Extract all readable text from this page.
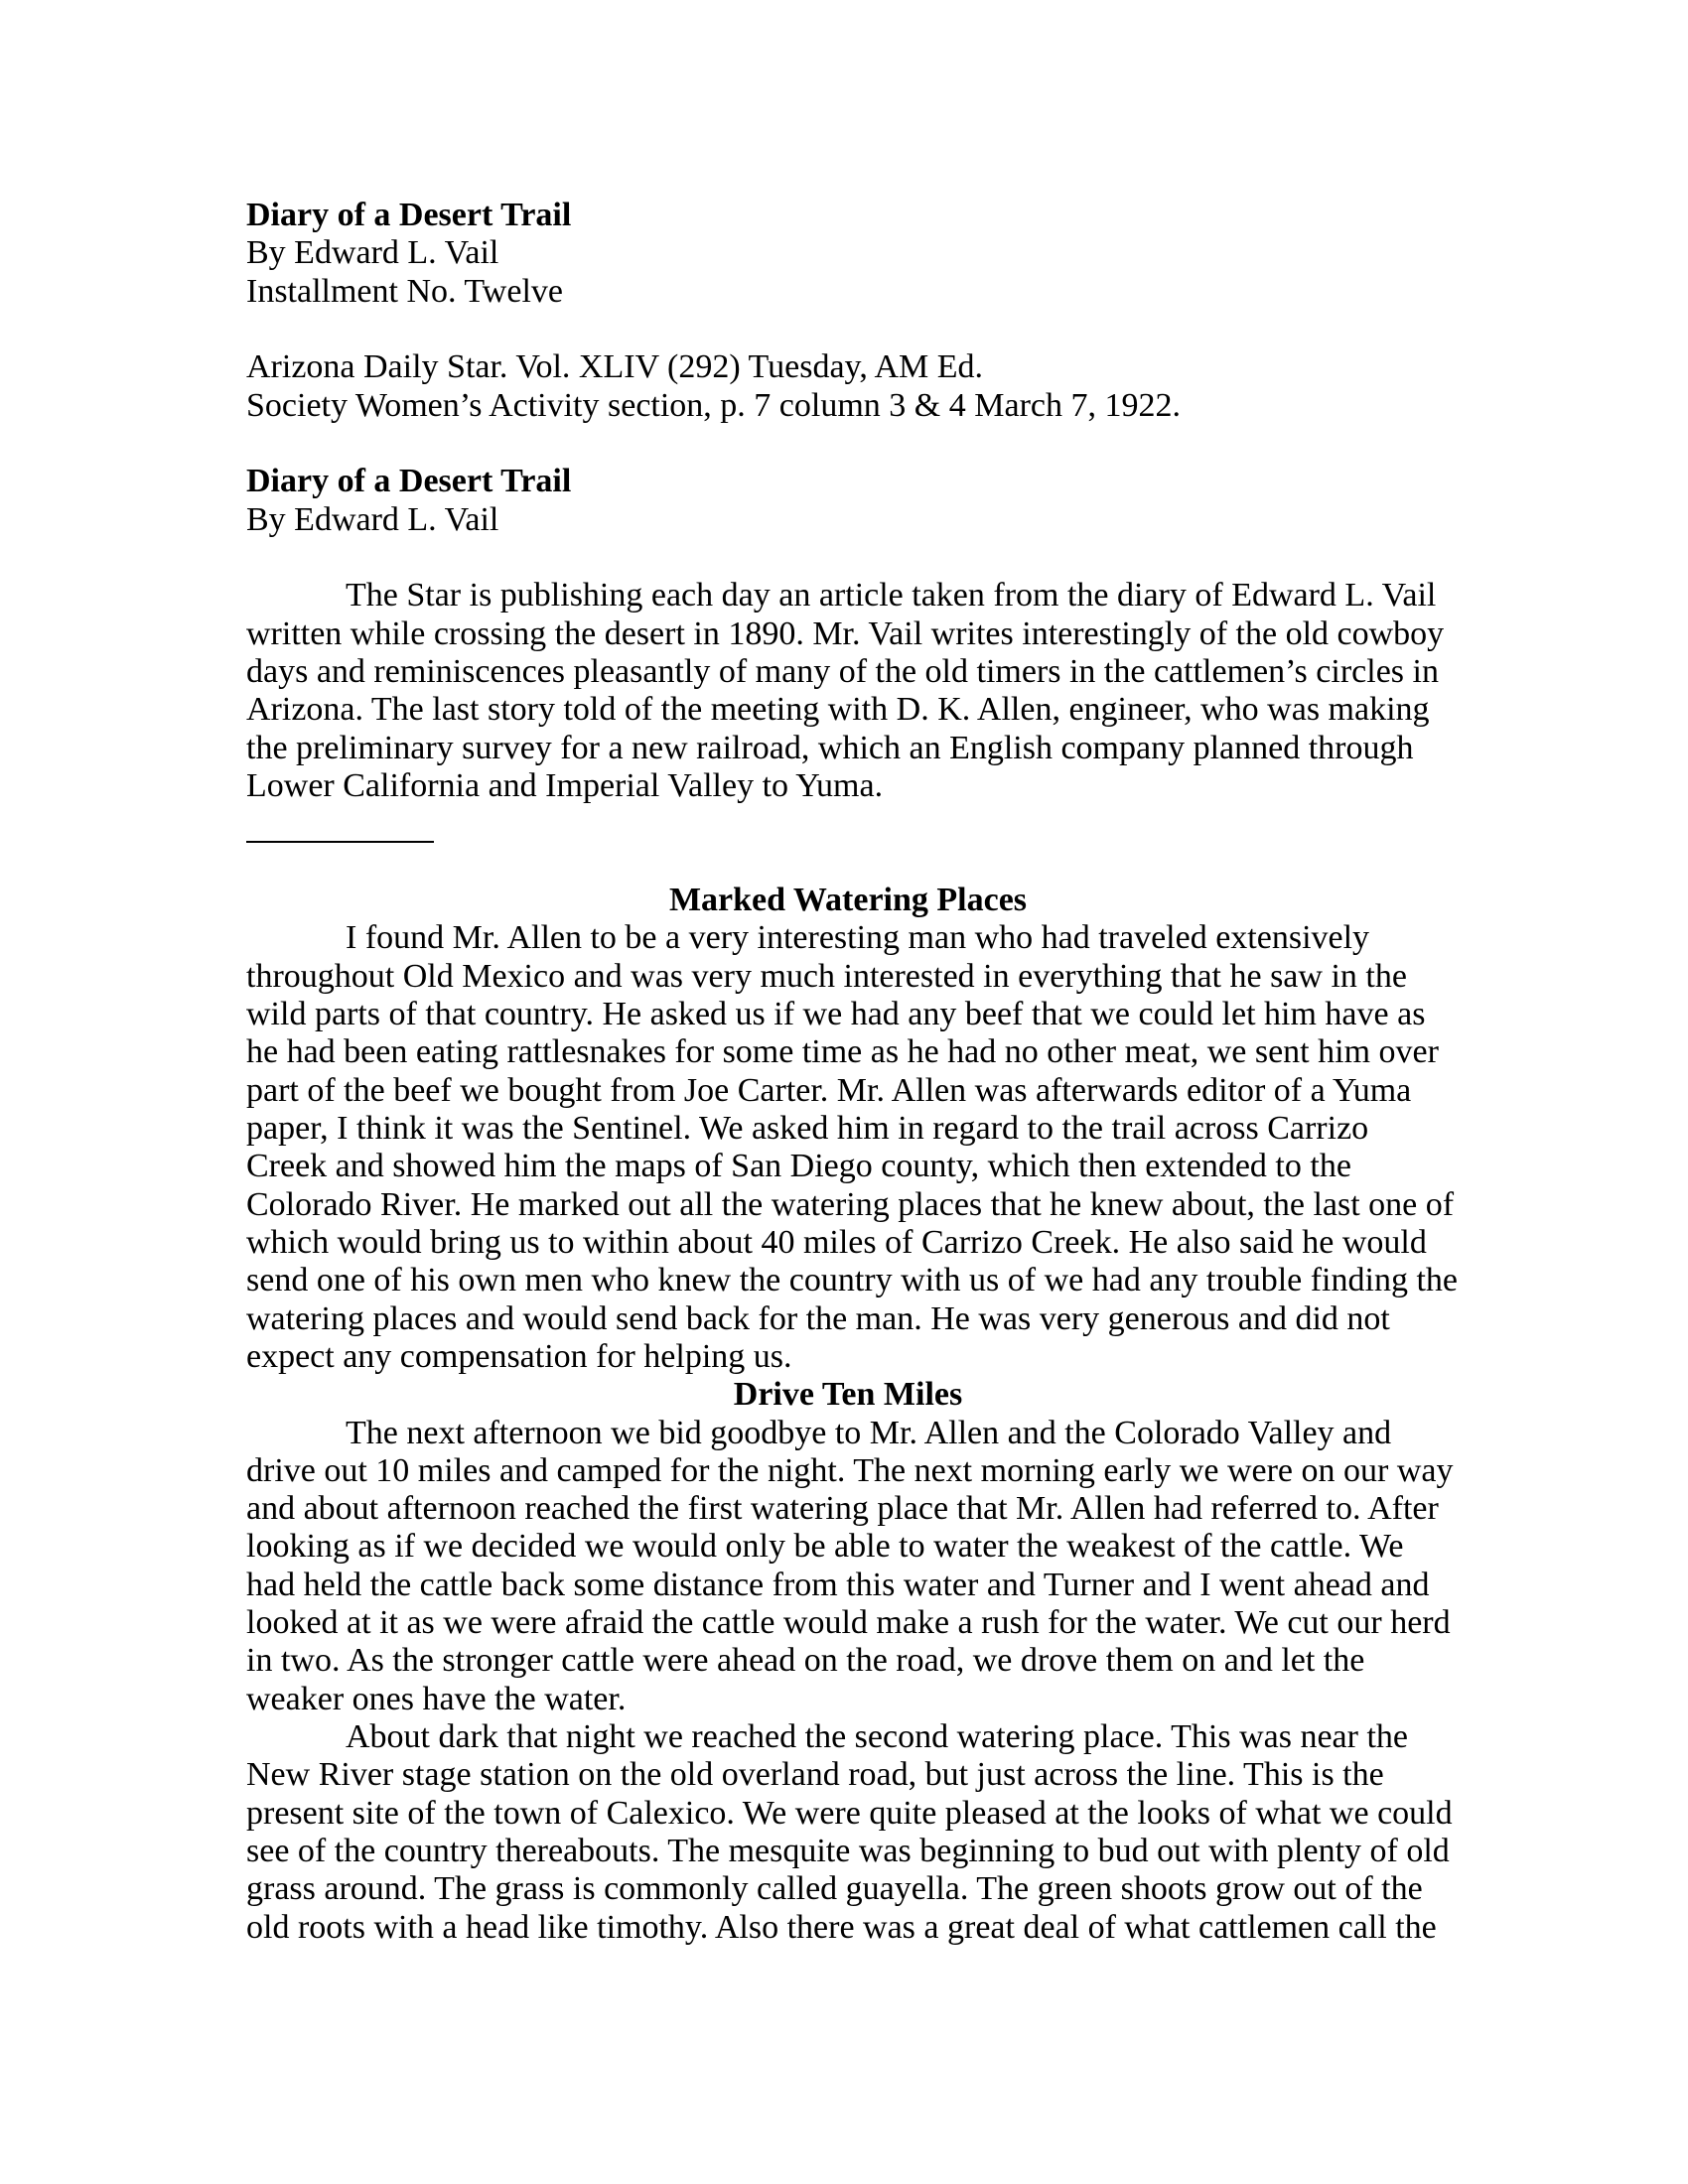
Diary of a Desert Trail
By Edward L. Vail
Installment No. Twelve
Arizona Daily Star. Vol. XLIV (292) Tuesday, AM Ed.
Society Women’s Activity section, p. 7 column 3 & 4 March 7, 1922.
Diary of a Desert Trail
By Edward L. Vail
The Star is publishing each day an article taken from the diary of Edward L. Vail
written while crossing the desert in 1890. Mr. Vail writes interestingly of the old cowboy
days and reminiscences pleasantly of many of the old timers in the cattlemen’s circles in
Arizona. The last story told of the meeting with D. K. Allen, engineer, who was making
the preliminary survey for a new railroad, which an English company planned through
Lower California and Imperial Valley to Yuma.
Marked Watering Places
I found Mr. Allen to be a very interesting man who had traveled extensively
throughout Old Mexico and was very much interested in everything that he saw in the
wild parts of that country. He asked us if we had any beef that we could let him have as
he had been eating rattlesnakes for some time as he had no other meat, we sent him over
part of the beef we bought from Joe Carter. Mr. Allen was afterwards editor of a Yuma
paper, I think it was the Sentinel. We asked him in regard to the trail across Carrizo
Creek and showed him the maps of San Diego county, which then extended to the
Colorado River. He marked out all the watering places that he knew about, the last one of
which would bring us to within about 40 miles of Carrizo Creek. He also said he would
send one of his own men who knew the country with us of we had any trouble finding the
watering places and would send back for the man. He was very generous and did not
expect any compensation for helping us.
Drive Ten Miles
The next afternoon we bid goodbye to Mr. Allen and the Colorado Valley and
drive out 10 miles and camped for the night. The next morning early we were on our way
and about afternoon reached the first watering place that Mr. Allen had referred to. After
looking as if we decided we would only be able to water the weakest of the cattle. We
had held the cattle back some distance from this water and Turner and I went ahead and
looked at it as we were afraid the cattle would make a rush for the water. We cut our herd
in two. As the stronger cattle were ahead on the road, we drove them on and let the
weaker ones have the water.
About dark that night we reached the second watering place. This was near the
New River stage station on the old overland road, but just across the line. This is the
present site of the town of Calexico. We were quite pleased at the looks of what we could
see of the country thereabouts. The mesquite was beginning to bud out with plenty of old
grass around. The grass is commonly called guayella. The green shoots grow out of the
old roots with a head like timothy. Also there was a great deal of what cattlemen call the
